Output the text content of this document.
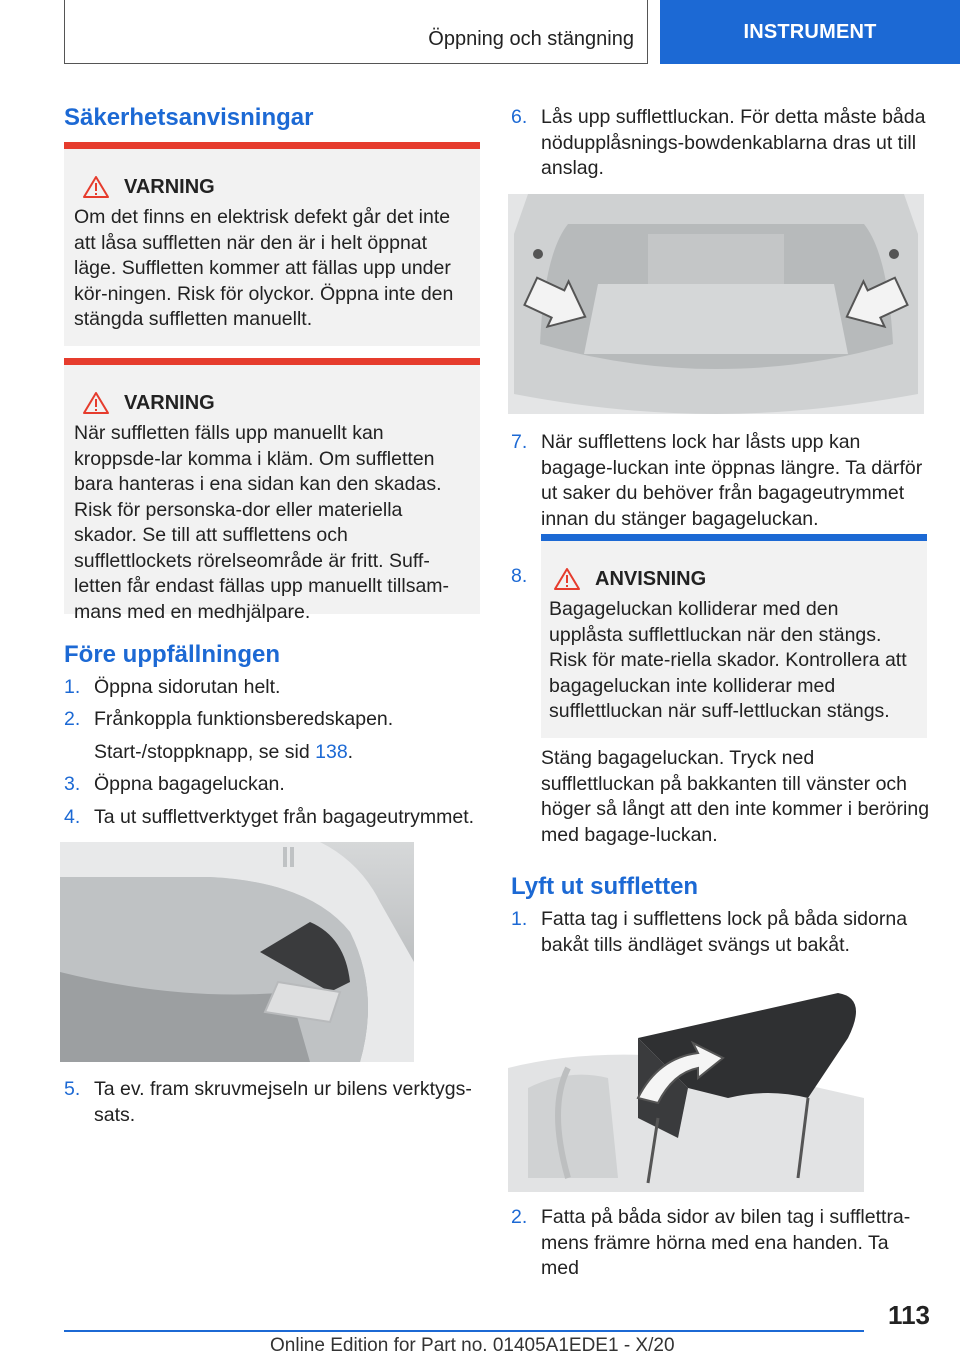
Öppning och stängning	INSTRUMENT
Säkerhetsanvisningar
VARNING
Om det finns en elektrisk defekt går det inte att låsa suffletten när den är i helt öppnat läge. Suffletten kommer att fällas upp under kör-ningen. Risk för olyckor. Öppna inte den stängda suffletten manuellt.
VARNING
När suffletten fälls upp manuellt kan kroppsde-lar komma i kläm. Om suffletten bara hanteras i ena sidan kan den skadas. Risk för personska-dor eller materiella skador. Se till att sufflettens och sufflettlockets rörelseområde är fritt. Suff-letten får endast fällas upp manuellt tillsam-mans med en medhjälpare.
Före uppfällningen
1. Öppna sidorutan helt.
2. Frånkoppla funktionsberedskapen.
Start-/stoppknapp, se sid 138.
3. Öppna bagageluckan.
4. Ta ut sufflettverktyget från bagageutrymmet.
5. Ta ev. fram skruvmejseln ur bilens verktygs-sats.
6. Lås upp sufflettluckan. För detta måste båda nödupplåsnings-bowdenkablarna dras ut till anslag.
7. När sufflettens lock har låsts upp kan bagage-luckan inte öppnas längre. Ta därför ut saker du behöver från bagageutrymmet innan du stänger bagageluckan.
8.	ANVISNING
Bagageluckan kolliderar med den upplåsta sufflettluckan när den stängs. Risk för mate-riella skador. Kontrollera att bagageluckan inte kolliderar med sufflettluckan när suff-lettluckan stängs.
Stäng bagageluckan. Tryck ned sufflettluckan på bakkanten till vänster och höger så långt att den inte kommer i beröring med bagage-luckan.
Lyft ut suffletten
1. Fatta tag i sufflettens lock på båda sidorna bakåt tills ändläget svängs ut bakåt.
2. Fatta på båda sidor av bilen tag i sufflettra-mens främre hörna med ena handen. Ta med
113
Online Edition for Part no. 01405A1EDE1 - X/20
